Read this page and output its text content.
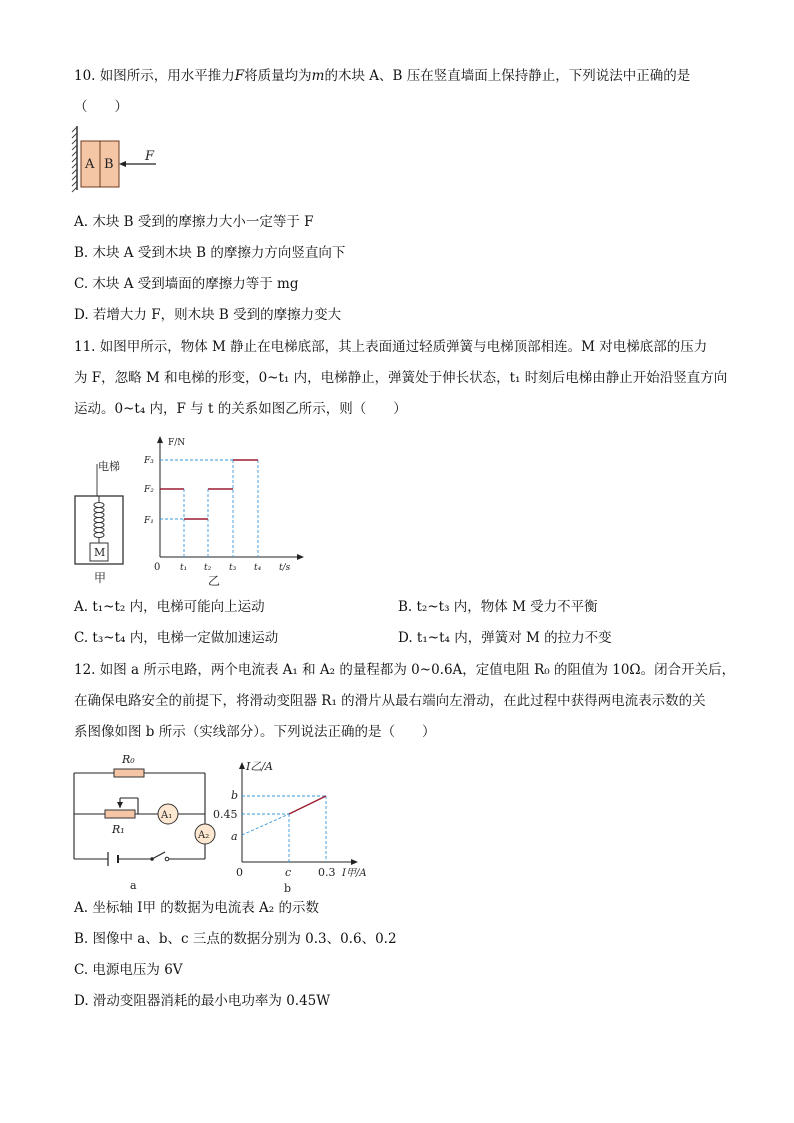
10. 如图所示，用水平推力F将质量均为m的木块 A、B 压在竖直墙面上保持静止，下列说法中正确的是
（　　）
A B
F
A. 木块 B 受到的摩擦力大小一定等于 F
B. 木块 A 受到木块 B 的摩擦力方向竖直向下
C. 木块 A 受到墙面的摩擦力等于 mg
D. 若增大力 F，则木块 B 受到的摩擦力变大
11. 如图甲所示，物体 M 静止在电梯底部，其上表面通过轻质弹簧与电梯顶部相连。M 对电梯底部的压力
为 F，忽略 M 和电梯的形变，0~t₁ 内，电梯静止，弹簧处于伸长状态，t₁ 时刻后电梯由静止开始沿竖直方向
运动。0~t₄ 内，F 与 t 的关系如图乙所示，则（　　）
电梯
M
甲
F/N
t/s
0
F₃
F₂
F₁
t₁ t₂ t₃ t₄
乙
A. t₁~t₂ 内，电梯可能向上运动	B. t₂~t₃ 内，物体 M 受力不平衡
C. t₃~t₄ 内，电梯一定做加速运动	D. t₁~t₄ 内，弹簧对 M 的拉力不变
12. 如图 a 所示电路，两个电流表 A₁ 和 A₂ 的量程都为 0~0.6A，定值电阻 R₀ 的阻值为 10Ω。闭合开关后，
在确保电路安全的前提下，将滑动变阻器 R₁ 的滑片从最右端向左滑动，在此过程中获得两电流表示数的关
系图像如图 b 所示（实线部分）。下列说法正确的是（　　）
R₀
R₁
A₁
A₂
a
I乙/A
I甲/A
0
b
0.45
a
c 0.3
b
A. 坐标轴 I甲 的数据为电流表 A₂ 的示数
B. 图像中 a、b、c 三点的数据分别为 0.3、0.6、0.2
C. 电源电压为 6V
D. 滑动变阻器消耗的最小电功率为 0.45W
